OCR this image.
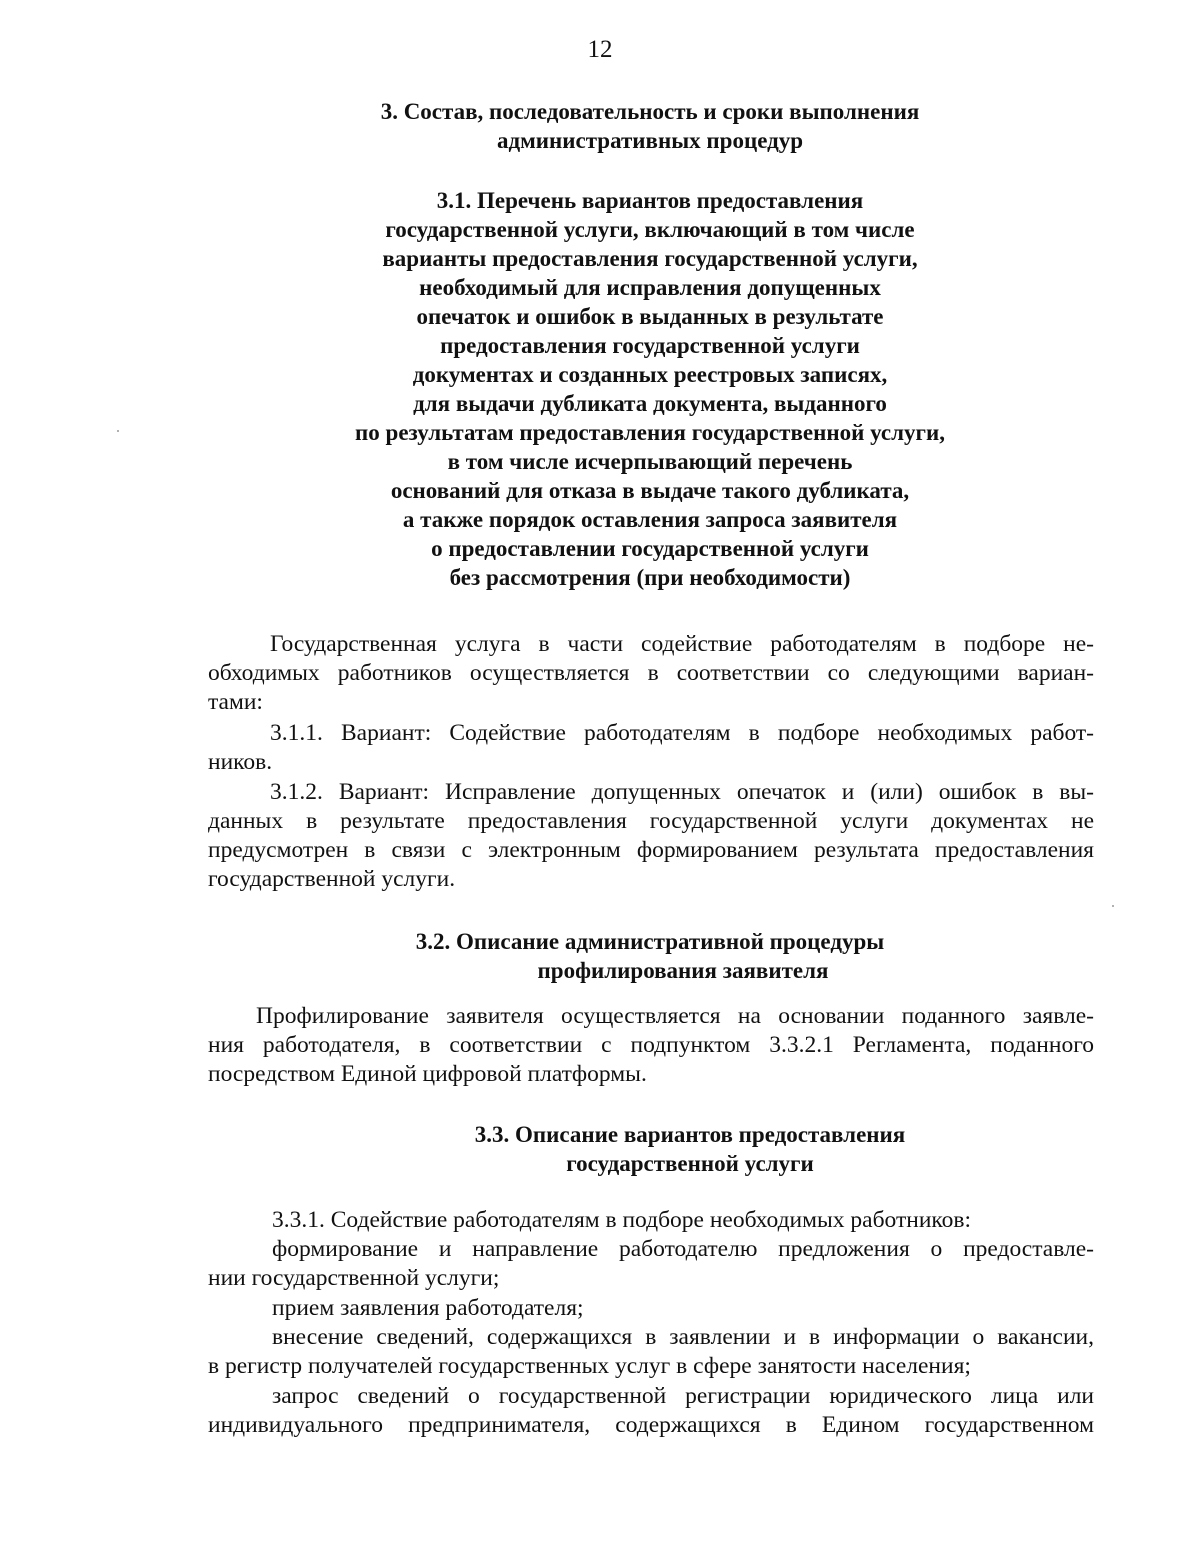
12
3. Состав, последовательность и сроки выполнения
административных процедур
3.1. Перечень вариантов предоставления
государственной услуги, включающий в том числе
варианты предоставления государственной услуги,
необходимый для исправления допущенных
опечаток и ошибок в выданных в результате
предоставления государственной услуги
документах и созданных реестровых записях,
для выдачи дубликата документа, выданного
по результатам предоставления государственной услуги,
в том числе исчерпывающий перечень
оснований для отказа в выдаче такого дубликата,
а также порядок оставления запроса заявителя
о предоставлении государственной услуги
без рассмотрения (при необходимости)
Государственная услуга в части содействие работодателям в подборе не-
обходимых работников осуществляется в соответствии со следующими вариан-
тами:
3.1.1. Вариант: Содействие работодателям в подборе необходимых работ-
ников.
3.1.2. Вариант: Исправление допущенных опечаток и (или) ошибок в вы-
данных в результате предоставления государственной услуги документах не
предусмотрен в связи с электронным формированием результата предоставления
государственной услуги.
3.2. Описание административной процедуры
профилирования заявителя
Профилирование заявителя осуществляется на основании поданного заявле-
ния работодателя, в соответствии с подпунктом 3.3.2.1 Регламента, поданного
посредством Единой цифровой платформы.
3.3. Описание вариантов предоставления
государственной услуги
3.3.1. Содействие работодателям в подборе необходимых работников:
формирование и направление работодателю предложения о предоставле-
нии государственной услуги;
прием заявления работодателя;
внесение сведений, содержащихся в заявлении и в информации о вакансии,
в регистр получателей государственных услуг в сфере занятости населения;
запрос сведений о государственной регистрации юридического лица или
индивидуального предпринимателя, содержащихся в Едином государственном
